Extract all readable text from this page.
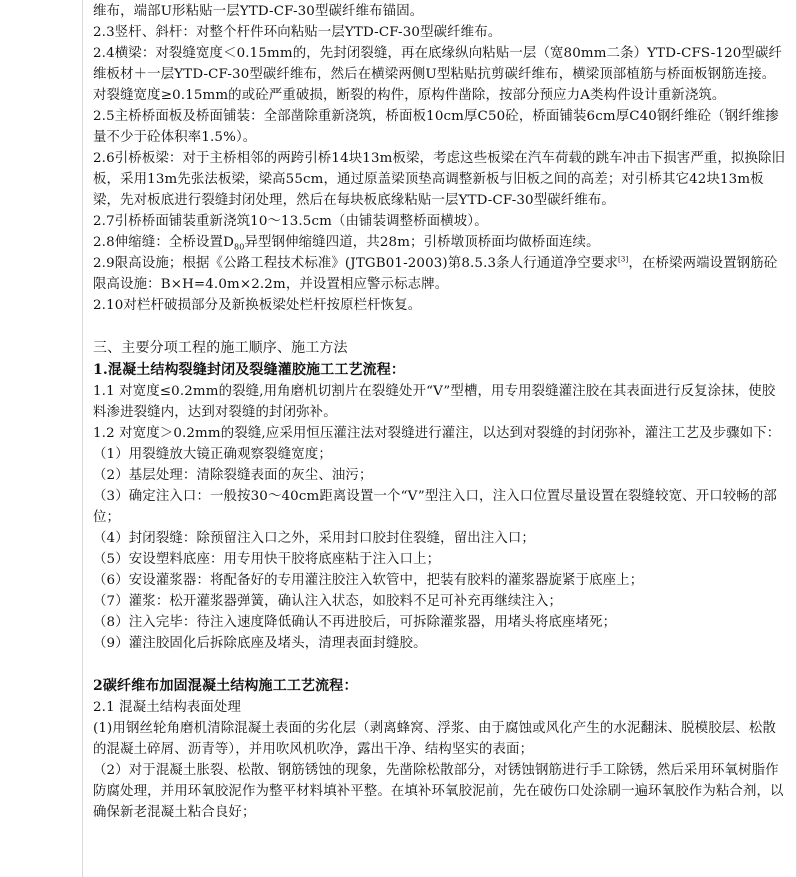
维布，端部U形粘贴一层YTD-CF-30型碳纤维布锚固。

2.3竖杆、斜杆：对整个杆件环向粘贴一层YTD-CF-30型碳纤维布。

2.4横梁：对裂缝宽度＜0.15mm的，先封闭裂缝，再在底缘纵向粘贴一层（宽80mm二条）YTD-CFS-120型碳纤维板材＋一层YTD-CF-30型碳纤维布，然后在横梁两侧U型粘贴抗剪碳纤维布，横梁顶部植筋与桥面板钢筋连接。对裂缝宽度≥0.15mm的或砼严重破损，断裂的构件，原构件凿除，按部分预应力A类构件设计重新浇筑。

2.5主桥桥面板及桥面铺装：全部凿除重新浇筑，桥面板10cm厚C50砼，桥面铺装6cm厚C40钢纤维砼（钢纤维掺量不少于砼体积率1.5%）。

2.6引桥板梁：对于主桥相邻的两跨引桥14块13m板梁，考虑这些板梁在汽车荷载的跳车冲击下损害严重，拟换除旧板，采用13m先张法板梁，梁高55cm，通过原盖梁顶垫高调整新板与旧板之间的高差；对引桥其它42块13m板梁，先对板底进行裂缝封闭处理，然后在每块板底缘粘贴一层YTD-CF-30型碳纤维布。

2.7引桥桥面铺装重新浇筑10～13.5cm（由铺装调整桥面横坡）。

2.8伸缩缝：全桥设置$D_{80}$异型钢伸缩缝四道，共28m；引桥墩顶桥面均做桥面连续。

2.9限高设施；根据《公路工程技术标准》(JTGB01-2003)第8.5.3条人行通道净空要求[3]，在桥梁两端设置钢筋砼限高设施：B×H=4.0m×2.2m，并设置相应警示标志牌。

2.10对栏杆破损部分及新换板梁处栏杆按原栏杆恢复。

三、主要分项工程的施工顺序、施工方法

1.混凝土结构裂缝封闭及裂缝灌胶施工工艺流程：

1.1 对宽度≤0.2mm的裂缝,用角磨机切割片在裂缝处开“V”型槽，用专用裂缝灌注胶在其表面进行反复涂抹，使胶料渗进裂缝内，达到对裂缝的封闭弥补。

1.2 对宽度＞0.2mm的裂缝,应采用恒压灌注法对裂缝进行灌注，以达到对裂缝的封闭弥补，灌注工艺及步骤如下：

（1）用裂缝放大镜正确观察裂缝宽度；

（2）基层处理：清除裂缝表面的灰尘、油污；

（3）确定注入口：一般按30～40cm距离设置一个“V”型注入口，注入口位置尽量设置在裂缝较宽、开口较畅的部位；

（4）封闭裂缝：除预留注入口之外，采用封口胶封住裂缝，留出注入口；

（5）安设塑料底座：用专用快干胶将底座粘于注入口上；

（6）安设灌浆器：将配备好的专用灌注胶注入软管中，把装有胶料的灌浆器旋紧于底座上；

（7）灌浆：松开灌浆器弹簧，确认注入状态，如胶料不足可补充再继续注入；

（8）注入完毕：待注入速度降低确认不再进胶后，可拆除灌浆器，用堵头将底座堵死；

（9）灌注胶固化后拆除底座及堵头，清理表面封缝胶。

2碳纤维布加固混凝土结构施工工艺流程：

2.1 混凝土结构表面处理

(1)用钢丝轮角磨机清除混凝土表面的劣化层（剥离蜂窝、浮浆、由于腐蚀或风化产生的水泥翻沫、脱模胶层、松散的混凝土碎屑、沥青等），并用吹风机吹净，露出干净、结构坚实的表面；

（2）对于混凝土胀裂、松散、钢筋锈蚀的现象，先凿除松散部分，对锈蚀钢筋进行手工除锈，然后采用环氧树脂作防腐处理，并用环氧胶泥作为整平材料填补平整。在填补环氧胶泥前，先在破伤口处涂刷一遍环氧胶作为粘合剂，以确保新老混凝土粘合良好；
